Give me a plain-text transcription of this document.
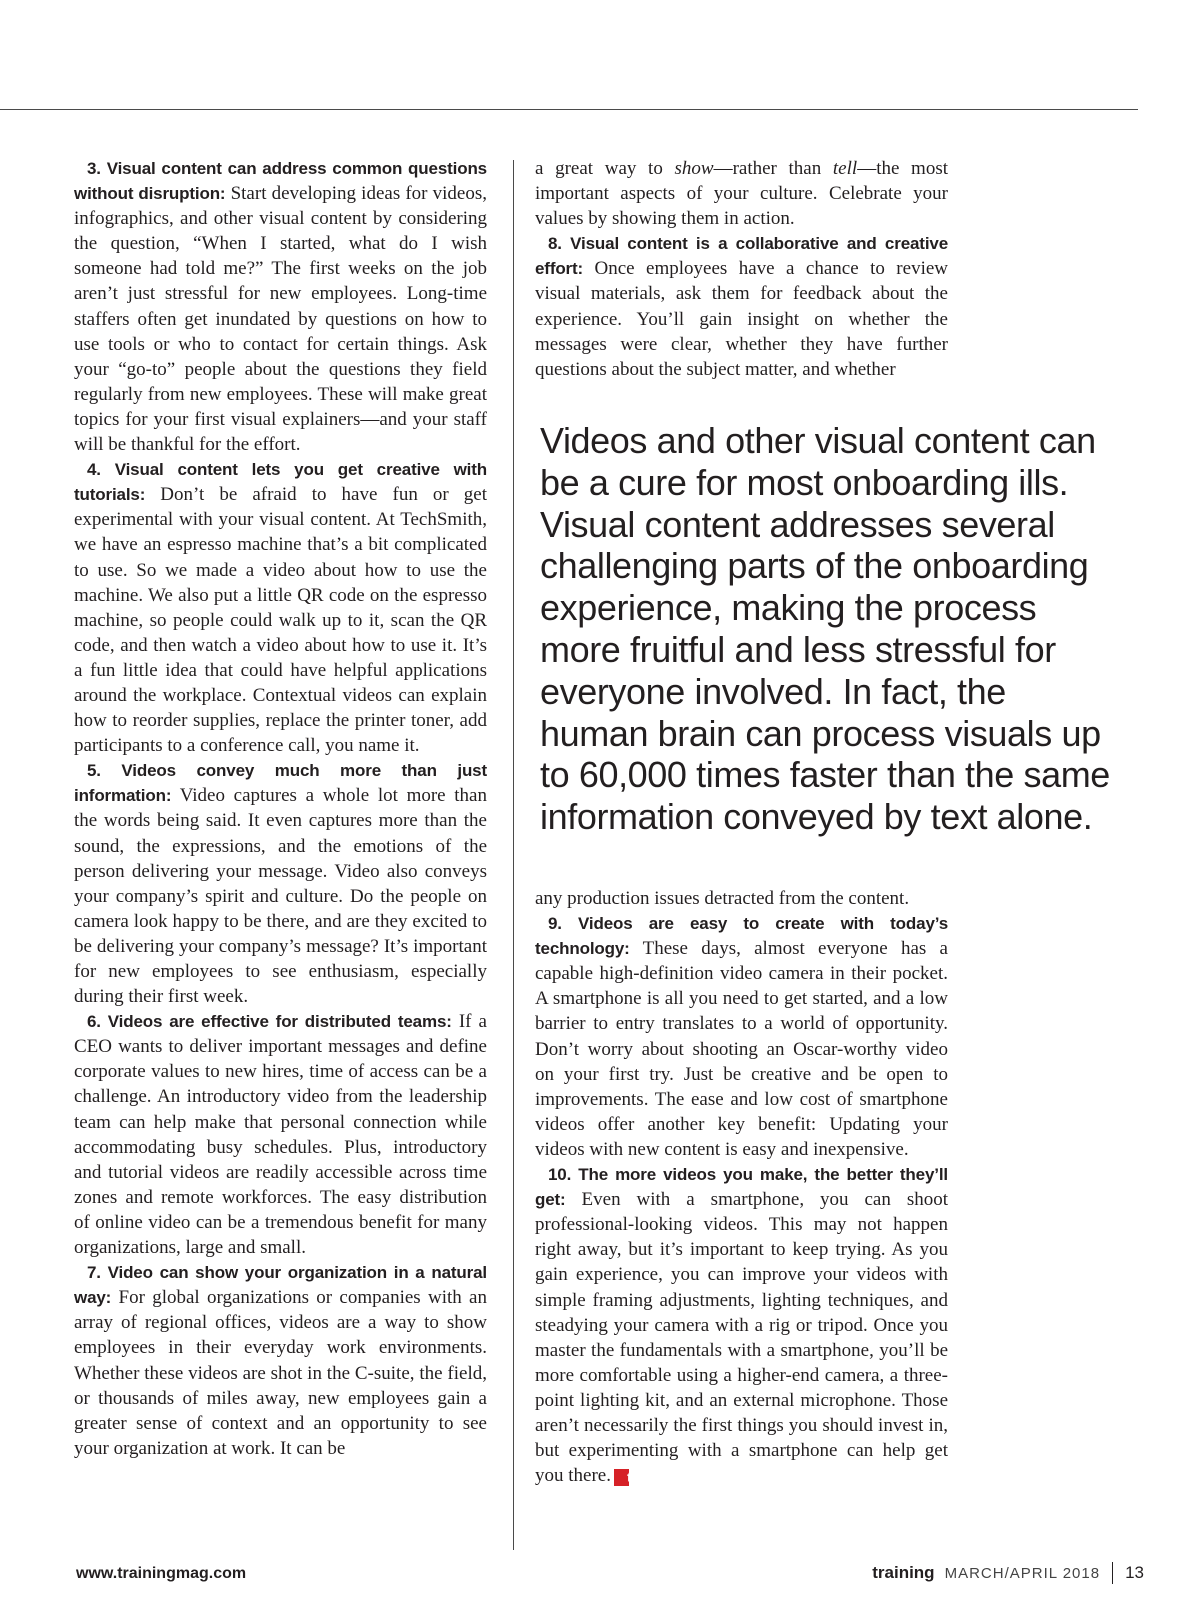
3. Visual content can address common questions without disruption: Start developing ideas for videos, infographics, and other visual content by considering the question, “When I started, what do I wish someone had told me?” The first weeks on the job aren’t just stressful for new employees. Long-time staffers often get inundated by questions on how to use tools or who to contact for certain things. Ask your “go-to” people about the questions they field regularly from new employees. These will make great topics for your first visual explainers—and your staff will be thankful for the effort.

4. Visual content lets you get creative with tutorials: Don’t be afraid to have fun or get experimental with your visual content. At TechSmith, we have an espresso machine that’s a bit complicated to use. So we made a video about how to use the machine. We also put a little QR code on the espresso machine, so people could walk up to it, scan the QR code, and then watch a video about how to use it. It’s a fun little idea that could have helpful applications around the workplace. Contextual videos can explain how to reorder supplies, replace the printer toner, add participants to a conference call, you name it.

5. Videos convey much more than just information: Video captures a whole lot more than the words being said. It even captures more than the sound, the expressions, and the emotions of the person delivering your message. Video also conveys your company’s spirit and culture. Do the people on camera look happy to be there, and are they excited to be delivering your company’s message? It’s important for new employees to see enthusiasm, especially during their first week.

6. Videos are effective for distributed teams: If a CEO wants to deliver important messages and define corporate values to new hires, time of access can be a challenge. An introductory video from the leadership team can help make that personal connection while accommodating busy schedules. Plus, introductory and tutorial videos are readily accessible across time zones and remote workforces. The easy distribution of online video can be a tremendous benefit for many organizations, large and small.

7. Video can show your organization in a natural way: For global organizations or companies with an array of regional offices, videos are a way to show employees in their everyday work environments. Whether these videos are shot in the C-suite, the field, or thousands of miles away, new employees gain a greater sense of context and an opportunity to see your organization at work. It can be

a great way to show—rather than tell—the most important aspects of your culture. Celebrate your values by showing them in action.

8. Visual content is a collaborative and creative effort: Once employees have a chance to review visual materials, ask them for feedback about the experience. You’ll gain insight on whether the messages were clear, whether they have further questions about the subject matter, and whether

Videos and other visual content can be a cure for most onboarding ills. Visual content addresses several challenging parts of the onboarding experience, making the process more fruitful and less stressful for everyone involved. In fact, the human brain can process visuals up to 60,000 times faster than the same information conveyed by text alone.

any production issues detracted from the content.

9. Videos are easy to create with today’s technology: These days, almost everyone has a capable high-definition video camera in their pocket. A smartphone is all you need to get started, and a low barrier to entry translates to a world of opportunity. Don’t worry about shooting an Oscar-worthy video on your first try. Just be creative and be open to improvements. The ease and low cost of smartphone videos offer another key benefit: Updating your videos with new content is easy and inexpensive.

10. The more videos you make, the better they’ll get: Even with a smartphone, you can shoot professional-looking videos. This may not happen right away, but it’s important to keep trying. As you gain experience, you can improve your videos with simple framing adjustments, lighting techniques, and steadying your camera with a rig or tripod. Once you master the fundamentals with a smartphone, you’ll be more comfortable using a higher-end camera, a three-point lighting kit, and an external microphone. Those aren’t necessarily the first things you should invest in, but experimenting with a smartphone can help get you there. t

www.trainingmag.com	training MARCH/APRIL 2018 13
